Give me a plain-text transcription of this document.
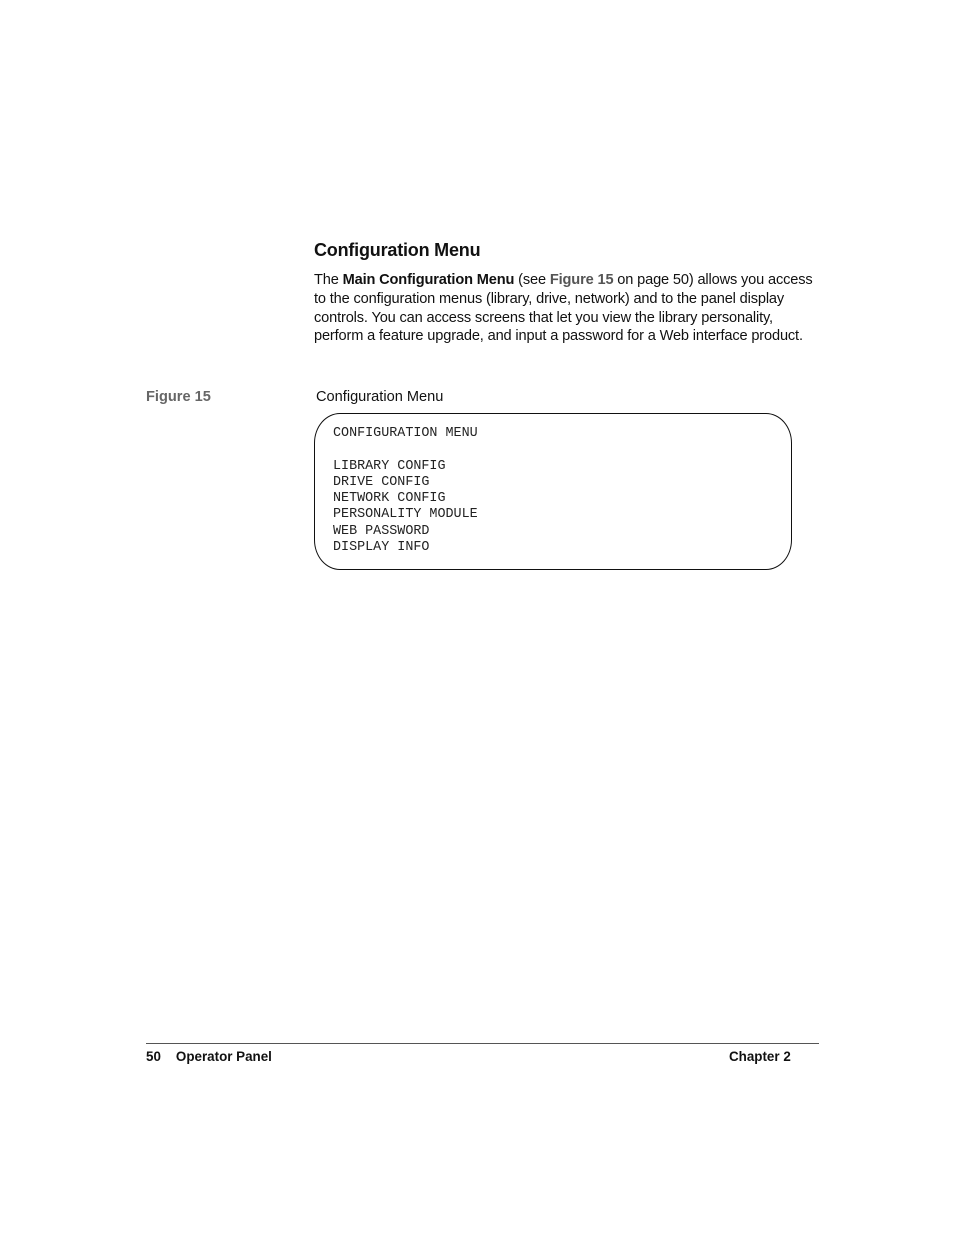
Configuration Menu

The Main Configuration Menu (see Figure 15 on page 50) allows you access to the configuration menus (library, drive, network) and to the panel display controls. You can access screens that let you view the library personality, perform a feature upgrade, and input a password for a Web interface product.

Figure 15	Configuration Menu
CONFIGURATION MENU
LIBRARY CONFIG
DRIVE CONFIG
NETWORK CONFIG
PERSONALITY MODULE
WEB PASSWORD
DISPLAY INFO
50 Operator Panel	Chapter 2
